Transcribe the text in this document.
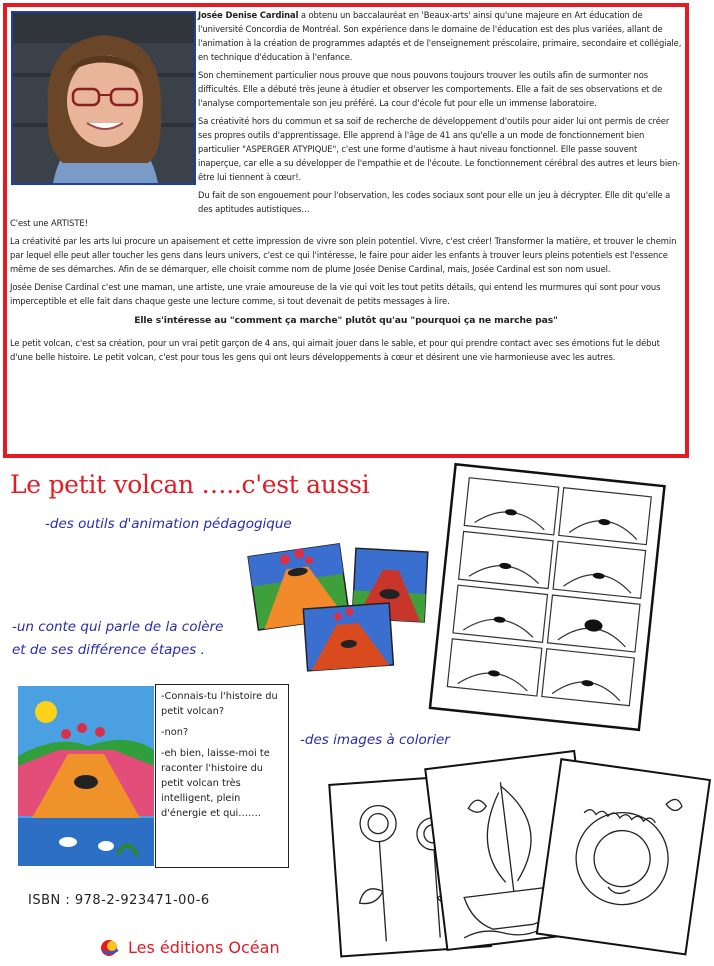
Josée Denise Cardinal a obtenu un baccalauréat en 'Beaux-arts' ainsi qu'une majeure en Art éducation de l'université Concordia de Montréal. Son expérience dans le domaine de l'éducation est des plus variées, allant de l'animation à la création de programmes adaptés et de l'enseignement préscolaire, primaire, secondaire et collégiale, en technique d'éducation à l'enfance.

Son cheminement particulier nous prouve que nous pouvons toujours trouver les outils afin de surmonter nos difficultés. Elle a débuté très jeune à étudier et observer les comportements. Elle a fait de ses observations et de l'analyse comportementale son jeu préféré. La cour d'école fut pour elle un immense laboratoire.

Sa créativité hors du commun et sa soif de recherche de développement d'outils pour aider lui ont permis de créer ses propres outils d'apprentissage. Elle apprend à l'âge de 41 ans qu'elle a un mode de fonctionnement bien particulier "ASPERGER ATYPIQUE", c'est une forme d'autisme à haut niveau fonctionnel. Elle passe souvent inaperçue, car elle a su développer de l'empathie et de l'écoute. Le fonctionnement cérébral des autres et leurs bien-être lui tiennent à cœur!.

Du fait de son engouement pour l'observation, les codes sociaux sont pour elle un jeu à décrypter. Elle dit qu'elle a des aptitudes autistiques…

C'est une ARTISTE!

La créativité par les arts lui procure un apaisement et cette impression de vivre son plein potentiel. Vivre, c'est créer! Transformer la matière, et trouver le chemin par lequel elle peut aller toucher les gens dans leurs univers, c'est ce qui l'intéresse, le faire pour aider les enfants à trouver leurs pleins potentiels est l'essence même de ses démarches. Afin de se démarquer, elle choisit comme nom de plume Josée Denise Cardinal, mais, Josée Cardinal est son nom usuel.

Josée Denise Cardinal c'est une maman, une artiste, une vraie amoureuse de la vie qui voit les tout petits détails, qui entend les murmures qui sont pour vous imperceptible et elle fait dans chaque geste une lecture comme, si tout devenait de petits messages à lire.

Elle s'intéresse au "comment ça marche" plutôt qu'au "pourquoi ça ne marche pas"

Le petit volcan, c'est sa création, pour un vrai petit garçon de 4 ans, qui aimait jouer dans le sable, et pour qui prendre contact avec ses émotions fut le début d'une belle histoire. Le petit volcan, c'est pour tous les gens qui ont leurs développements à cœur et désirent une vie harmonieuse avec les autres.

Le petit volcan …..c'est aussi
-des outils d'animation pédagogique
-un conte qui parle de la colère
et de ses différence étapes .
-des images à colorier

-Connais-tu l'histoire du petit volcan?

-non?

-eh bien, laisse-moi te raconter l'histoire du petit volcan très intelligent, plein d'énergie et qui…….

ISBN : 978-2-923471-00-6
Les éditions Océan
